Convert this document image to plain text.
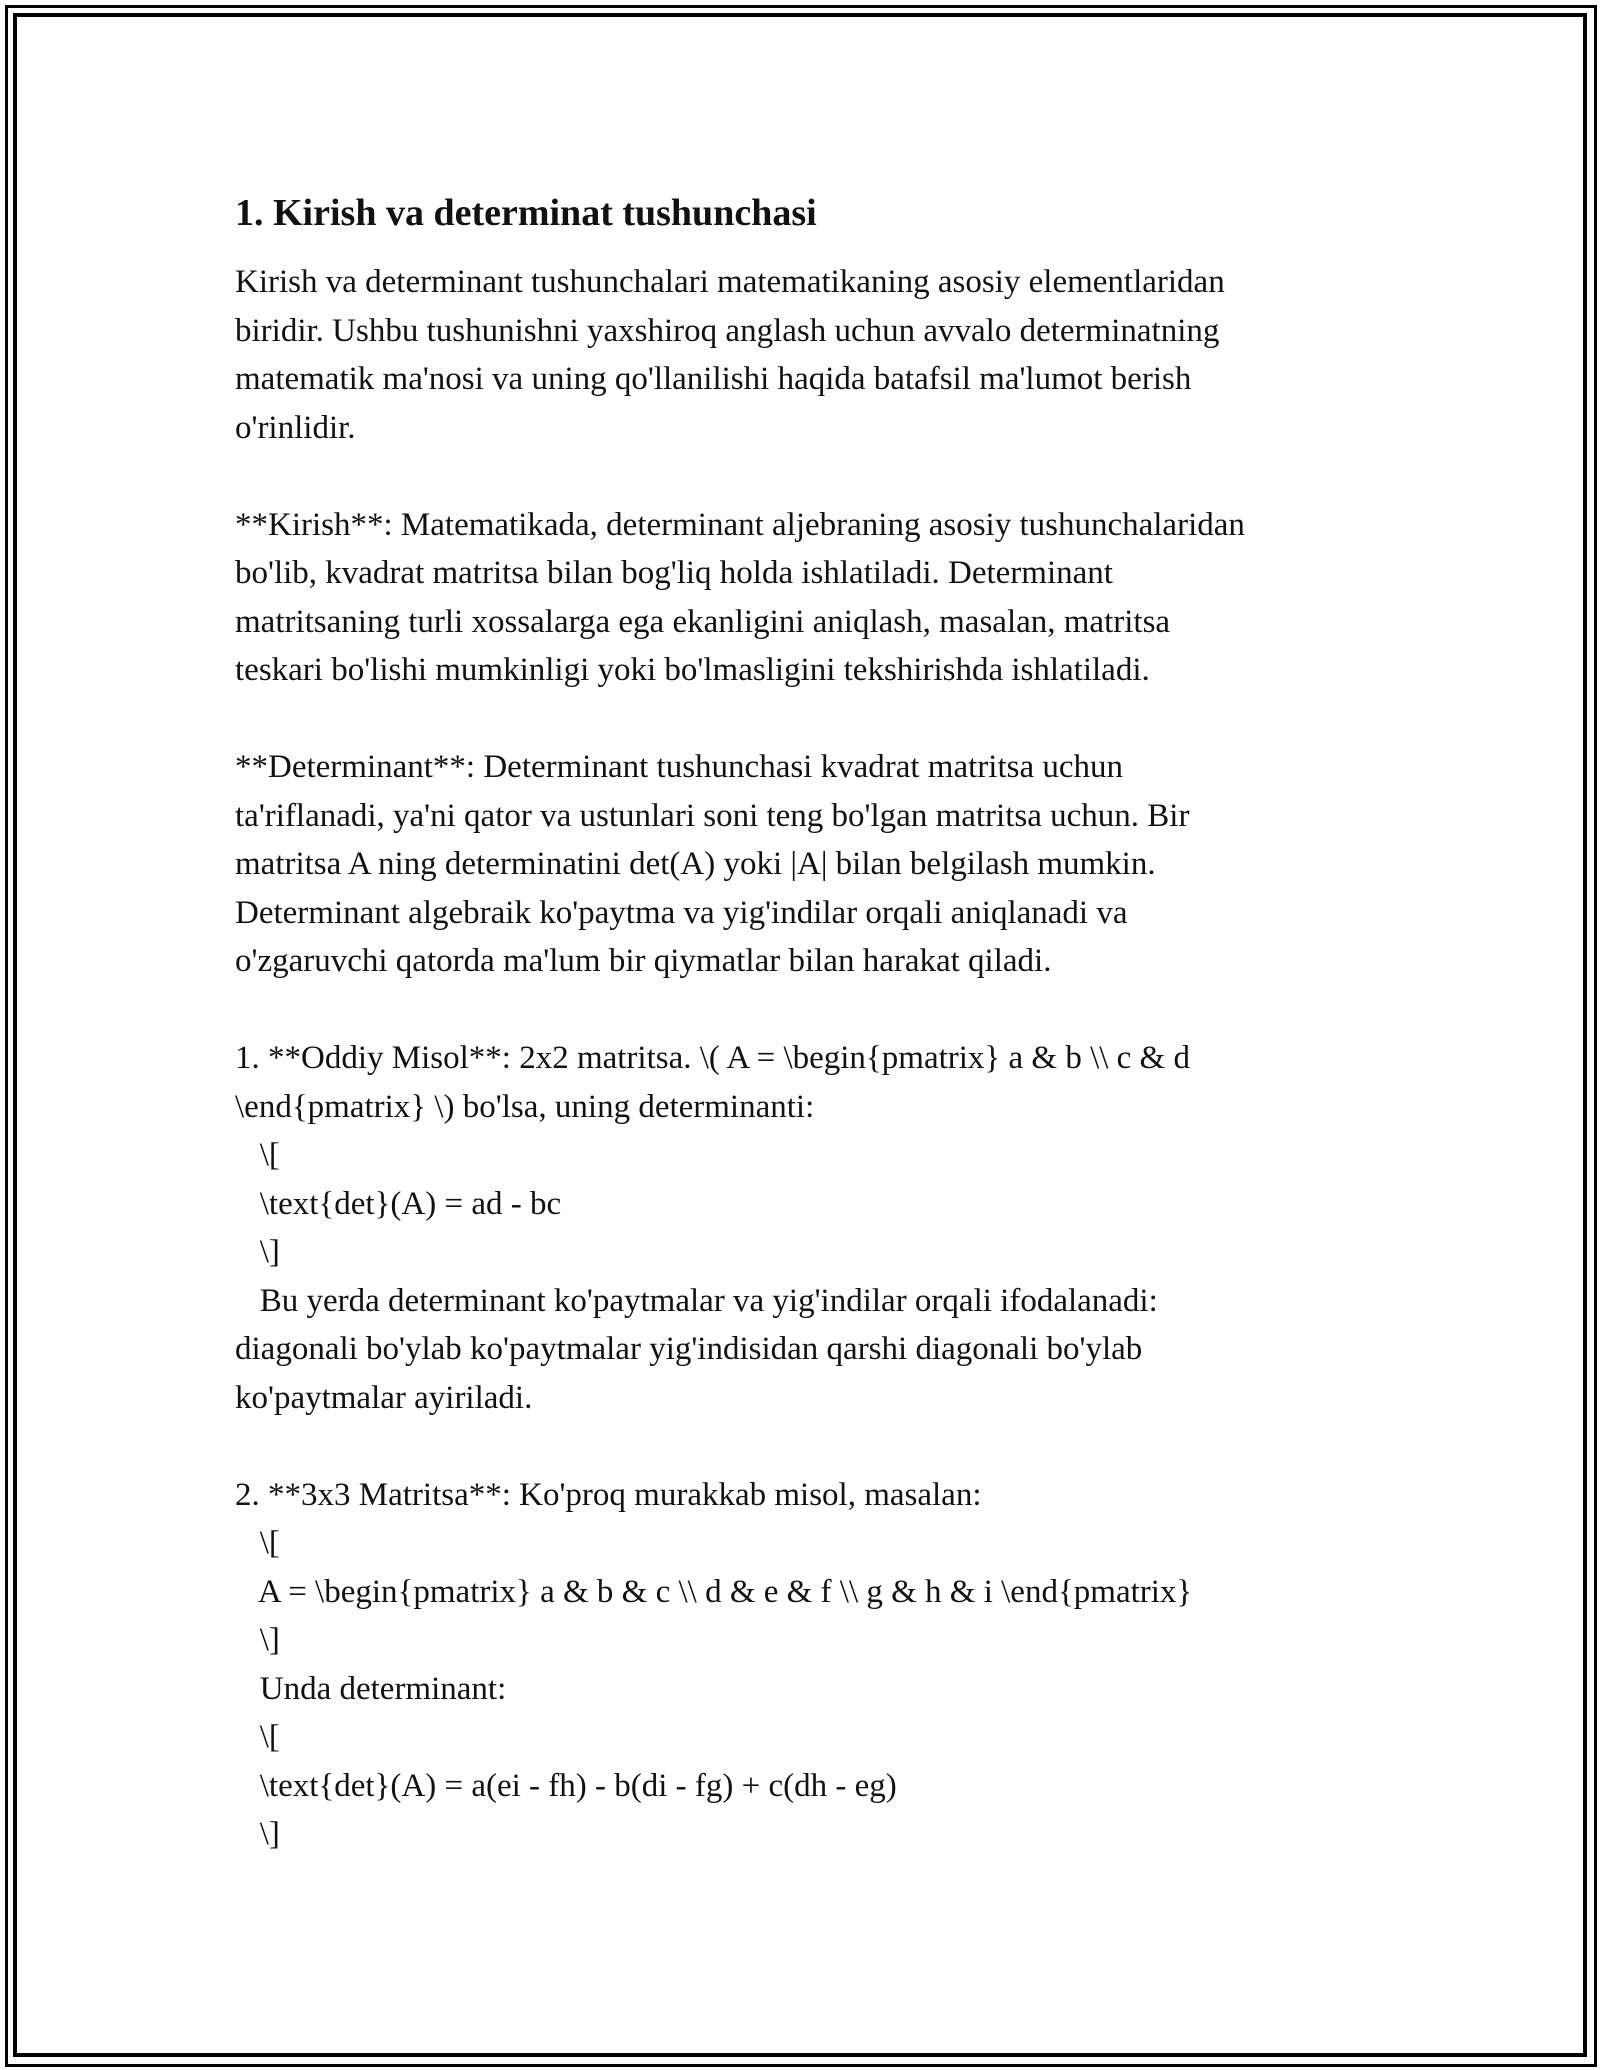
1. Kirish va determinat tushunchasi
Kirish va determinant tushunchalari matematikaning asosiy elementlaridan
biridir. Ushbu tushunishni yaxshiroq anglash uchun avvalo determinatning
matematik ma'nosi va uning qo'llanilishi haqida batafsil ma'lumot berish
o'rinlidir.
**Kirish**: Matematikada, determinant aljebraning asosiy tushunchalaridan
bo'lib, kvadrat matritsa bilan bog'liq holda ishlatiladi. Determinant
matritsaning turli xossalarga ega ekanligini aniqlash, masalan, matritsa
teskari bo'lishi mumkinligi yoki bo'lmasligini tekshirishda ishlatiladi.
**Determinant**: Determinant tushunchasi kvadrat matritsa uchun
ta'riflanadi, ya'ni qator va ustunlari soni teng bo'lgan matritsa uchun. Bir
matritsa A ning determinatini det(A) yoki |A| bilan belgilash mumkin.
Determinant algebraik ko'paytma va yig'indilar orqali aniqlanadi va
o'zgaruvchi qatorda ma'lum bir qiymatlar bilan harakat qiladi.
1. **Oddiy Misol**: 2x2 matritsa. \( A = \begin{pmatrix} a & b \\ c & d
\end{pmatrix} \) bo'lsa, uning determinanti:
\[
\text{det}(A) = ad - bc
\]
Bu yerda determinant ko'paytmalar va yig'indilar orqali ifodalanadi:
diagonali bo'ylab ko'paytmalar yig'indisidan qarshi diagonali bo'ylab
ko'paytmalar ayiriladi.
2. **3x3 Matritsa**: Ko'proq murakkab misol, masalan:
\[
A = \begin{pmatrix} a & b & c \\ d & e & f \\ g & h & i \end{pmatrix}
\]
Unda determinant:
\[
\text{det}(A) = a(ei - fh) - b(di - fg) + c(dh - eg)
\]
